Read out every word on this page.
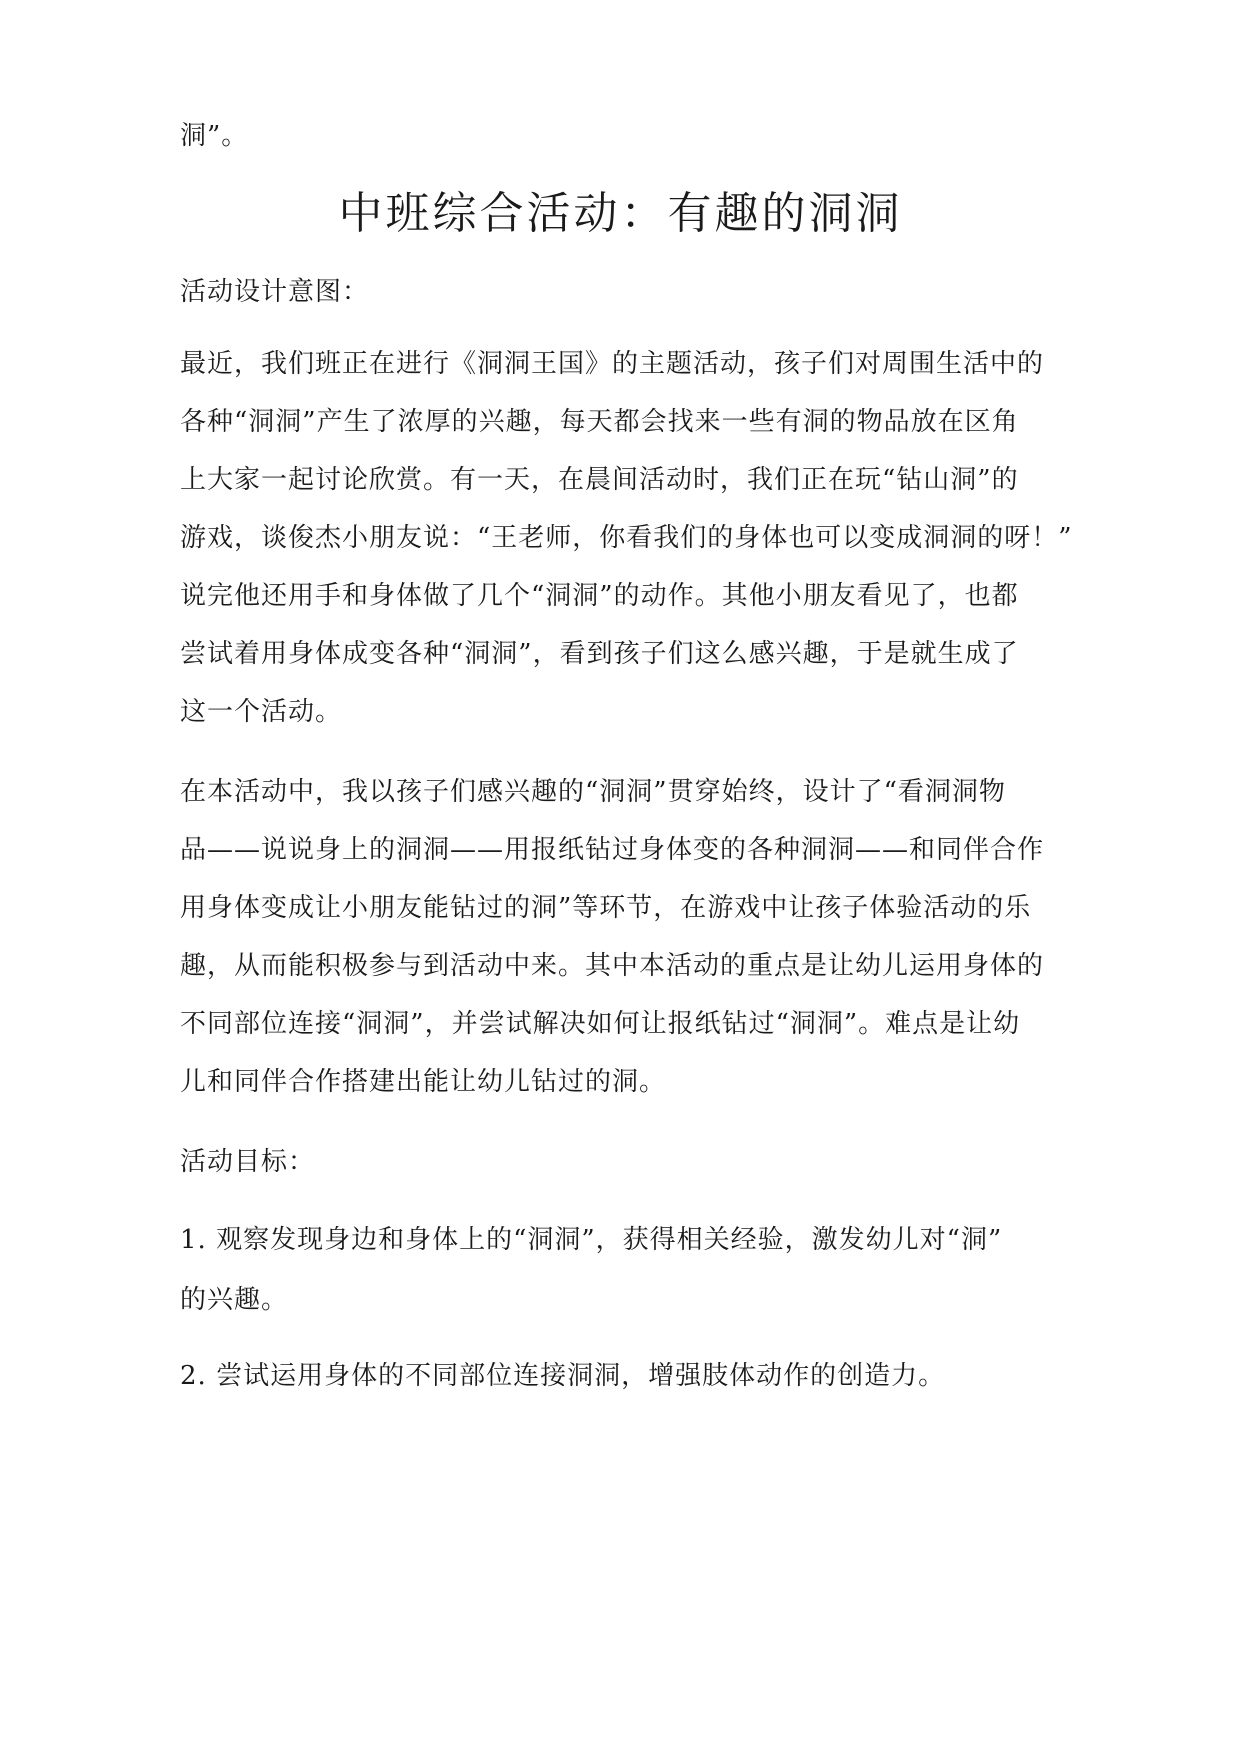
洞”。
中班综合活动：有趣的洞洞
活动设计意图：
最近，我们班正在进行《洞洞王国》的主题活动，孩子们对周围生活中的
各种“洞洞”产生了浓厚的兴趣，每天都会找来一些有洞的物品放在区角
上大家一起讨论欣赏。有一天，在晨间活动时，我们正在玩“钻山洞”的
游戏，谈俊杰小朋友说：“王老师，你看我们的身体也可以变成洞洞的呀！”
说完他还用手和身体做了几个“洞洞”的动作。其他小朋友看见了，也都
尝试着用身体成变各种“洞洞”，看到孩子们这么感兴趣，于是就生成了
这一个活动。
在本活动中，我以孩子们感兴趣的“洞洞”贯穿始终，设计了“看洞洞物
品——说说身上的洞洞——用报纸钻过身体变的各种洞洞——和同伴合作
用身体变成让小朋友能钻过的洞”等环节，在游戏中让孩子体验活动的乐
趣，从而能积极参与到活动中来。其中本活动的重点是让幼儿运用身体的
不同部位连接“洞洞”，并尝试解决如何让报纸钻过“洞洞”。难点是让幼
儿和同伴合作搭建出能让幼儿钻过的洞。
活动目标：
1. 观察发现身边和身体上的“洞洞”，获得相关经验，激发幼儿对“洞”
的兴趣。
2. 尝试运用身体的不同部位连接洞洞，增强肢体动作的创造力。
